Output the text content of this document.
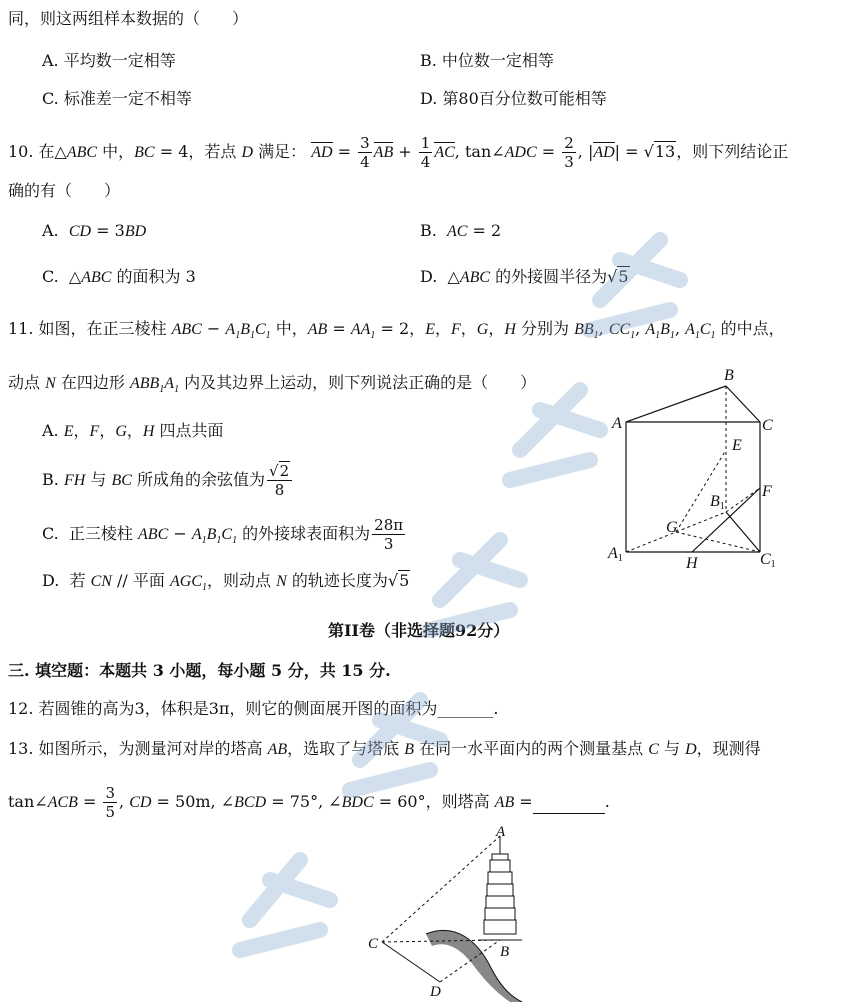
同，则这两组样本数据的（　　）
A. 平均数一定相等	B. 中位数一定相等
C. 标准差一定不相等	D. 第80百分位数可能相等
10. 在△ABC 中，BC = 4，若点 D 满足： AD = $\frac{3}{4}$ AB + $\frac{1}{4}$ AC, tan∠ADC = $\frac{2}{3}$ , |AD| = √13，则下列结论正
确的有（　　）
A.  CD = 3BD	B.  AC = 2
C.  △ABC 的面积为 3	D.  △ABC 的外接圆半径为√5
11. 如图，在正三棱柱 ABC − $A_1B_1C_1$ 中，AB = $AA_1 = 2$，E，F，G，H 分别为 $BB_1$, $CC_1$, $A_1B_1$, $A_1C_1$ 的中点，
动点 N 在四边形 $ABB_1A_1$ 内及其边界上运动，则下列说法正确的是（　　）
A. E，F，G，H 四点共面
B. FH 与 BC 所成角的余弦值为 $\frac{√2}{8}$
C.  正三棱柱 ABC − $A_1B_1C_1$ 的外接球表面积为 $\frac{28\pi}{3}$
D.  若 CN // 平面 $AGC_1$，则动点 N 的轨迹长度为√5
A
B
C
E
F
B1
G
A1	H	C1
第II卷（非选择题92分）
三. 填空题：本题共 3 小题，每小题 5 分，共 15 分.
12. 若圆锥的高为3，体积是3π，则它的侧面展开图的面积为_______.
13. 如图所示，为测量河对岸的塔高 AB，选取了与塔底 B 在同一水平面内的两个测量基点 C 与 D，现测得
tan∠ACB = $\frac{3}{5}$ , CD = 50m, ∠BCD = 75°, ∠BDC = 60°，则塔高 AB =	.
A
B
C
D
